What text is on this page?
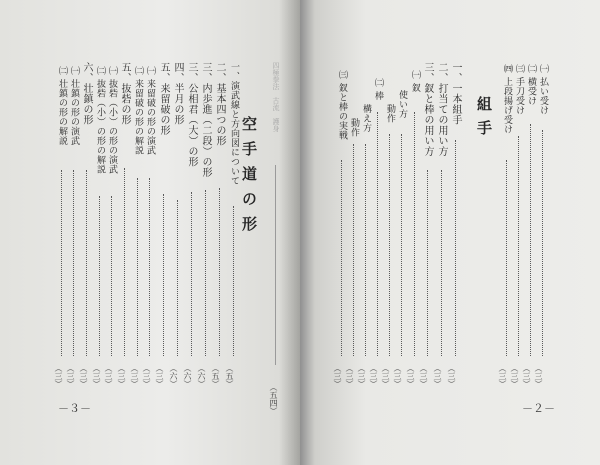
四極拳法　古流　護身
（五四）
空手道の形
一、演武線と方向図について
二、基本四つの形
三、内歩進（二段）の形
三、公相君（大）の形
四、半月の形
五、来留破の形
㈠ 来留破の形の演武
㈡ 来留破の形の解説
五、抜砦の形
㈠ 抜砦（小）の形の演武
㈡ 抜砦（小）の形の解説
六、壮鎮の形
㈠ 壮鎮の形の演武
㈡ 壮鎮の形の解説
（五）
（五）
（六）
（六）
（六）
（三）
（三）
（三）
（三）
（三）
（三）
（三）
（三）
（三）
－３－
㈠ 払い受け
㈡ 横受け
㈢ 手刀受け
㈣ 上段揚げ受け
組手
一、一本組手
二、打当ての用い方
三、釵と棒の用い方
㈠ 釵
使い方
動作
㈡ 棒
構え方
動作
㈢ 釵と棒の実戦
（三）
（三）
（三）
（三）
（三）
（三）
（三）
（三）
（三）
（三）
（三）
（三）
（三）
（三）
－２－
